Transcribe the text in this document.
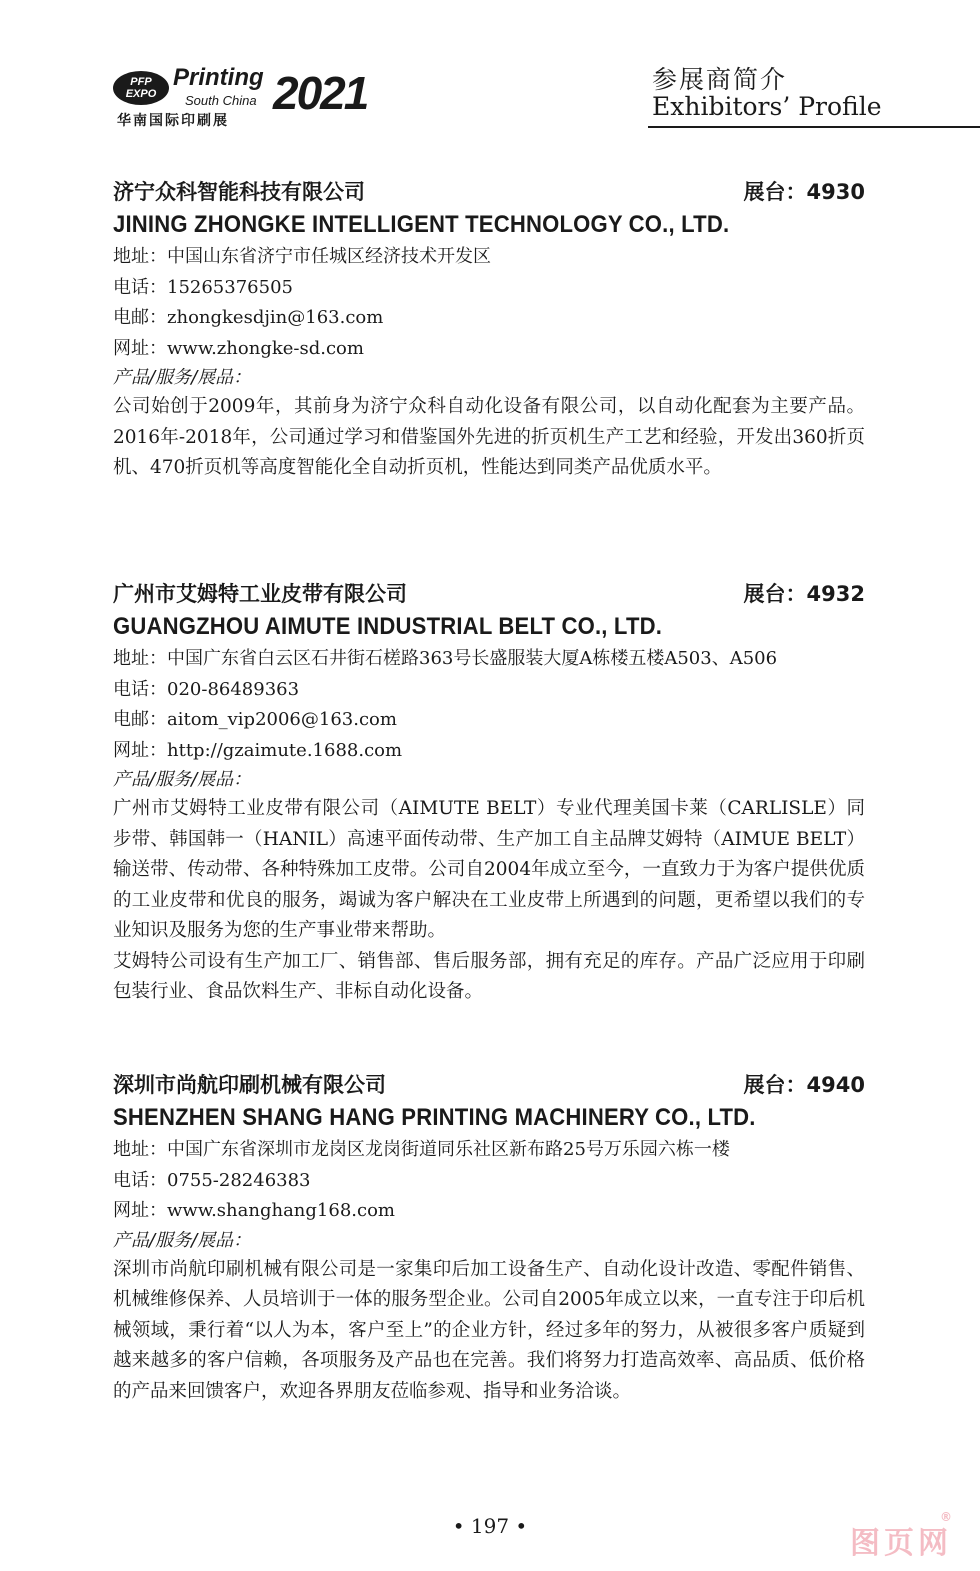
PFP
EXPO
Printing
South China 2021
华南国际印刷展
参展商简介
Exhibitors’ Profile
济宁众科智能科技有限公司	展台：4930
JINING ZHONGKE INTELLIGENT TECHNOLOGY CO., LTD.
地址：中国山东省济宁市任城区经济技术开发区
电话：15265376505
电邮：zhongkesdjin@163.com
网址：www.zhongke-sd.com
产品/服务/展品：
公司始创于2009年，其前身为济宁众科自动化设备有限公司，以自动化配套为主要产品。2016年-2018年，公司通过学习和借鉴国外先进的折页机生产工艺和经验，开发出360折页机、470折页机等高度智能化全自动折页机，性能达到同类产品优质水平。
广州市艾姆特工业皮带有限公司	展台：4932
GUANGZHOU AIMUTE INDUSTRIAL BELT CO., LTD.
地址：中国广东省白云区石井街石槎路363号长盛服装大厦A栋楼五楼A503、A506
电话：020-86489363
电邮：aitom_vip2006@163.com
网址：http://gzaimute.1688.com
产品/服务/展品：
广州市艾姆特工业皮带有限公司（AIMUTE BELT）专业代理美国卡莱（CARLISLE）同步带、韩国韩一（HANIL）高速平面传动带、生产加工自主品牌艾姆特（AIMUE BELT）输送带、传动带、各种特殊加工皮带。公司自2004年成立至今，一直致力于为客户提供优质的工业皮带和优良的服务，竭诚为客户解决在工业皮带上所遇到的问题，更希望以我们的专业知识及服务为您的生产事业带来帮助。
艾姆特公司设有生产加工厂、销售部、售后服务部，拥有充足的库存。产品广泛应用于印刷包装行业、食品饮料生产、非标自动化设备。
深圳市尚航印刷机械有限公司	展台：4940
SHENZHEN SHANG HANG PRINTING MACHINERY CO., LTD.
地址：中国广东省深圳市龙岗区龙岗街道同乐社区新布路25号万乐园六栋一楼
电话：0755-28246383
网址：www.shanghang168.com
产品/服务/展品：
深圳市尚航印刷机械有限公司是一家集印后加工设备生产、自动化设计改造、零配件销售、机械维修保养、人员培训于一体的服务型企业。公司自2005年成立以来，一直专注于印后机械领域，秉行着“以人为本，客户至上”的企业方针，经过多年的努力，从被很多客户质疑到越来越多的客户信赖，各项服务及产品也在完善。我们将努力打造高效率、高品质、低价格的产品来回馈客户，欢迎各界朋友莅临参观、指导和业务洽谈。
• 197 •	图页网
®
